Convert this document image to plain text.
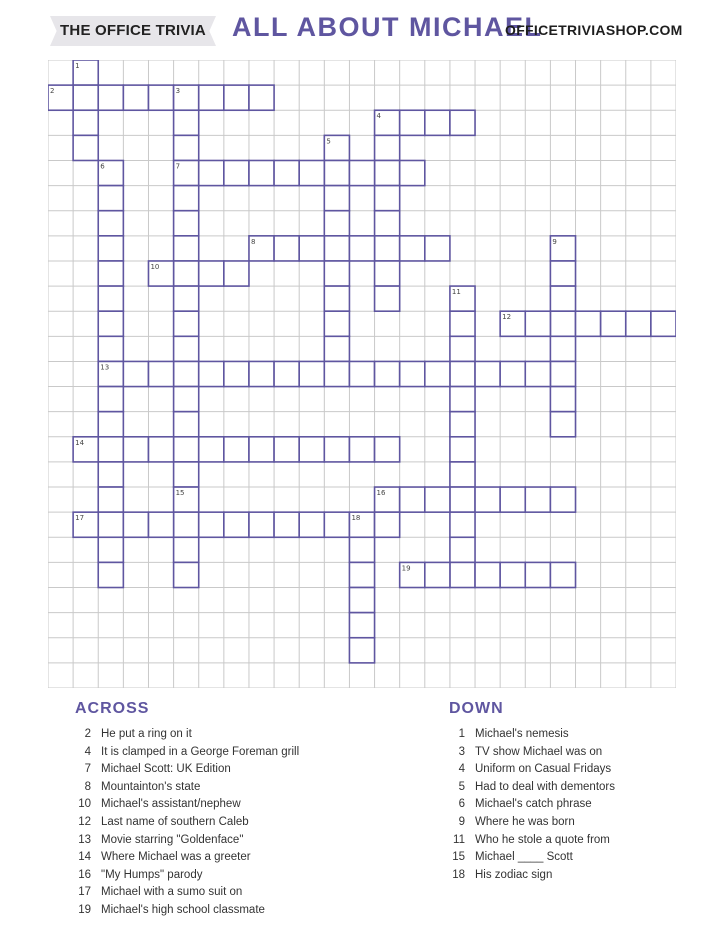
THE OFFICE TRIVIA ALL ABOUT MICHAEL
OFFICETRIVIASHOP.COM
1
2	3
4
5
6	7
8	9
10
11
12
13
14
15	16
17	18
19
ACROSS
2 He put a ring on it
4 It is clamped in a George Foreman grill
7 Michael Scott: UK Edition
8 Mountainton's state
10 Michael's assistant/nephew
12 Last name of southern Caleb
13 Movie starring "Goldenface"
14 Where Michael was a greeter
16 "My Humps" parody
17 Michael with a sumo suit on
19 Michael's high school classmate
DOWN
1 Michael's nemesis
3 TV show Michael was on
4 Uniform on Casual Fridays
5 Had to deal with dementors
6 Michael's catch phrase
9 Where he was born
11 Who he stole a quote from
15 Michael ____ Scott
18 His zodiac sign
